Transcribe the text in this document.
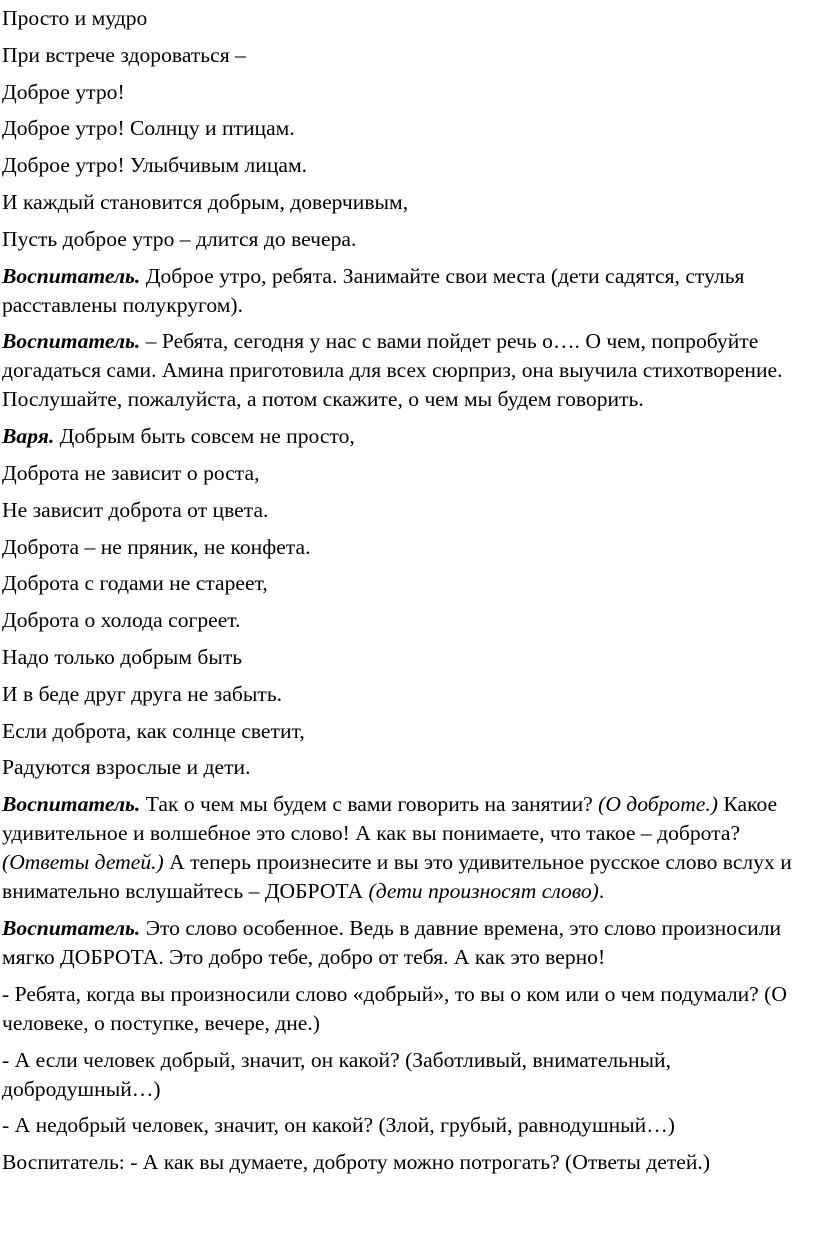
Просто и мудро
При встрече здороваться –
Доброе утро!
Доброе утро! Солнцу и птицам.
Доброе утро! Улыбчивым лицам.
И каждый становится добрым, доверчивым,
Пусть доброе утро – длится до вечера.
Воспитатель. Доброе утро, ребята. Занимайте свои места (дети садятся, стулья расставлены полукругом).
Воспитатель. – Ребята, сегодня у нас с вами пойдет речь о…. О чем, попробуйте догадаться сами. Амина приготовила для всех сюрприз, она выучила стихотворение. Послушайте, пожалуйста, а потом скажите, о чем мы будем говорить.
Варя. Добрым быть совсем не просто,
Доброта не зависит о роста,
Не зависит доброта от цвета.
Доброта – не пряник, не конфета.
Доброта с годами не стареет,
Доброта о холода согреет.
Надо только добрым быть
И в беде друг друга не забыть.
Если доброта, как солнце светит,
Радуются взрослые и дети.
Воспитатель. Так о чем мы будем с вами говорить на занятии? (О доброте.) Какое удивительное и волшебное это слово! А как вы понимаете, что такое – доброта? (Ответы детей.) А теперь произнесите и вы это удивительное русское слово вслух и внимательно вслушайтесь – ДОБРОТА (дети произносят слово).
Воспитатель. Это слово особенное. Ведь в давние времена, это слово произносили мягко ДОБРОТА. Это добро тебе, добро от тебя. А как это верно!
- Ребята, когда вы произносили слово «добрый», то вы о ком или о чем подумали? (О человеке, о поступке, вечере, дне.)
- А если человек добрый, значит, он какой? (Заботливый, внимательный, добродушный…)
- А недобрый человек, значит, он какой? (Злой, грубый, равнодушный…)
Воспитатель: - А как вы думаете, доброту можно потрогать? (Ответы детей.)
